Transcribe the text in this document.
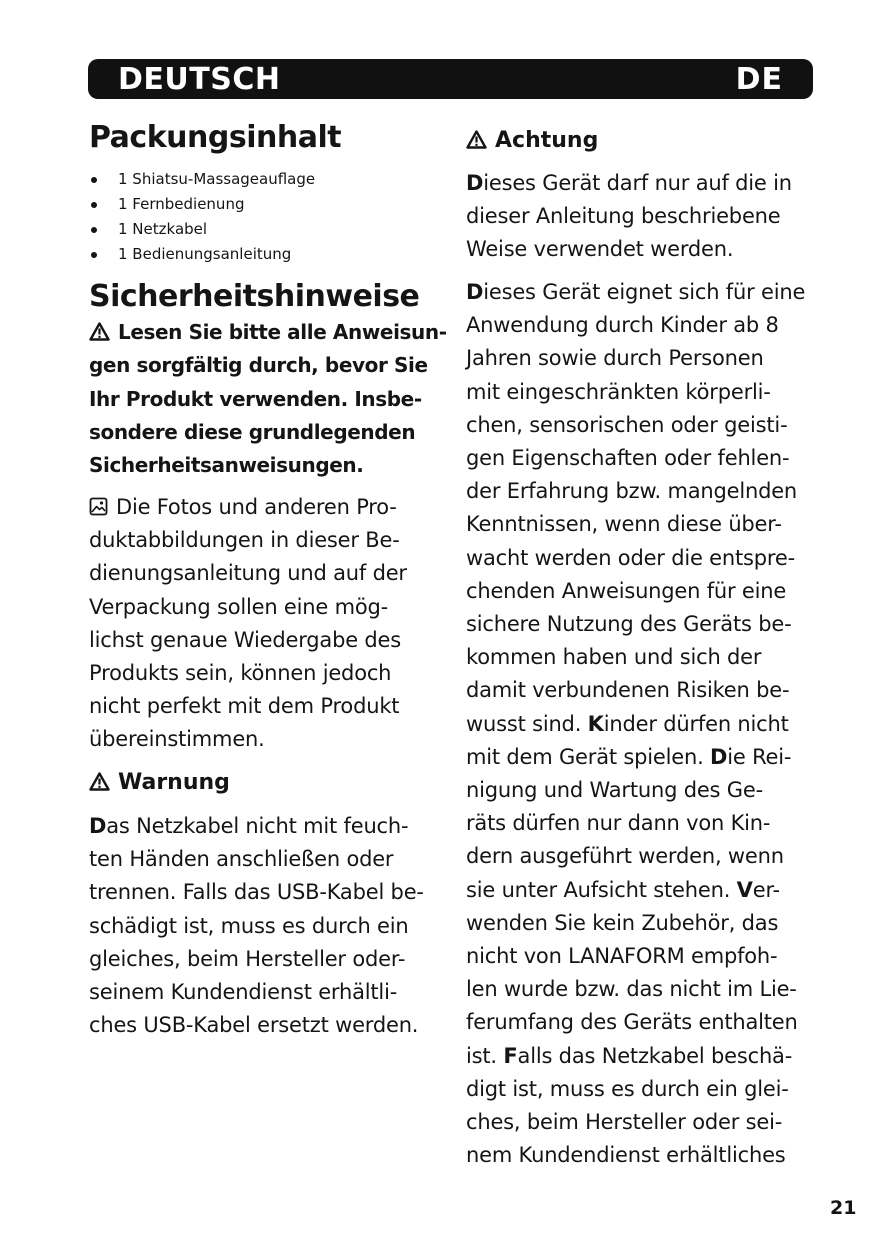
DEUTSCH	DE
Packungsinhalt
1 Shiatsu-Massageauflage
1 Fernbedienung
1 Netzkabel
1 Bedienungsanleitung
Sicherheitshinweise
Lesen Sie bitte alle Anweisun-
gen sorgfältig durch, bevor Sie
Ihr Produkt verwenden. Insbe-
sondere diese grundlegenden
Sicherheitsanweisungen.
Die Fotos und anderen Pro-
duktabbildungen in dieser Be-
dienungsanleitung und auf der
Verpackung sollen eine mög-
lichst genaue Wiedergabe des
Produkts sein, können jedoch
nicht perfekt mit dem Produkt
übereinstimmen.
Warnung
Das Netzkabel nicht mit feuch-
ten Händen anschließen oder
trennen. Falls das USB-Kabel be-
schädigt ist, muss es durch ein
gleiches, beim Hersteller oder-
seinem Kundendienst erhältli-
ches USB-Kabel ersetzt werden.
Achtung
Dieses Gerät darf nur auf die in
dieser Anleitung beschriebene
Weise verwendet werden.
Dieses Gerät eignet sich für eine
Anwendung durch Kinder ab 8
Jahren sowie durch Personen
mit eingeschränkten körperli-
chen, sensorischen oder geisti-
gen Eigenschaften oder fehlen-
der Erfahrung bzw. mangelnden
Kenntnissen, wenn diese über-
wacht werden oder die entspre-
chenden Anweisungen für eine
sichere Nutzung des Geräts be-
kommen haben und sich der
damit verbundenen Risiken be-
wusst sind. Kinder dürfen nicht
mit dem Gerät spielen. Die Rei-
nigung und Wartung des Ge-
räts dürfen nur dann von Kin-
dern ausgeführt werden, wenn
sie unter Aufsicht stehen. Ver-
wenden Sie kein Zubehör, das
nicht von LANAFORM empfoh-
len wurde bzw. das nicht im Lie-
ferumfang des Geräts enthalten
ist. Falls das Netzkabel beschä-
digt ist, muss es durch ein glei-
ches, beim Hersteller oder sei-
nem Kundendienst erhältliches
21
